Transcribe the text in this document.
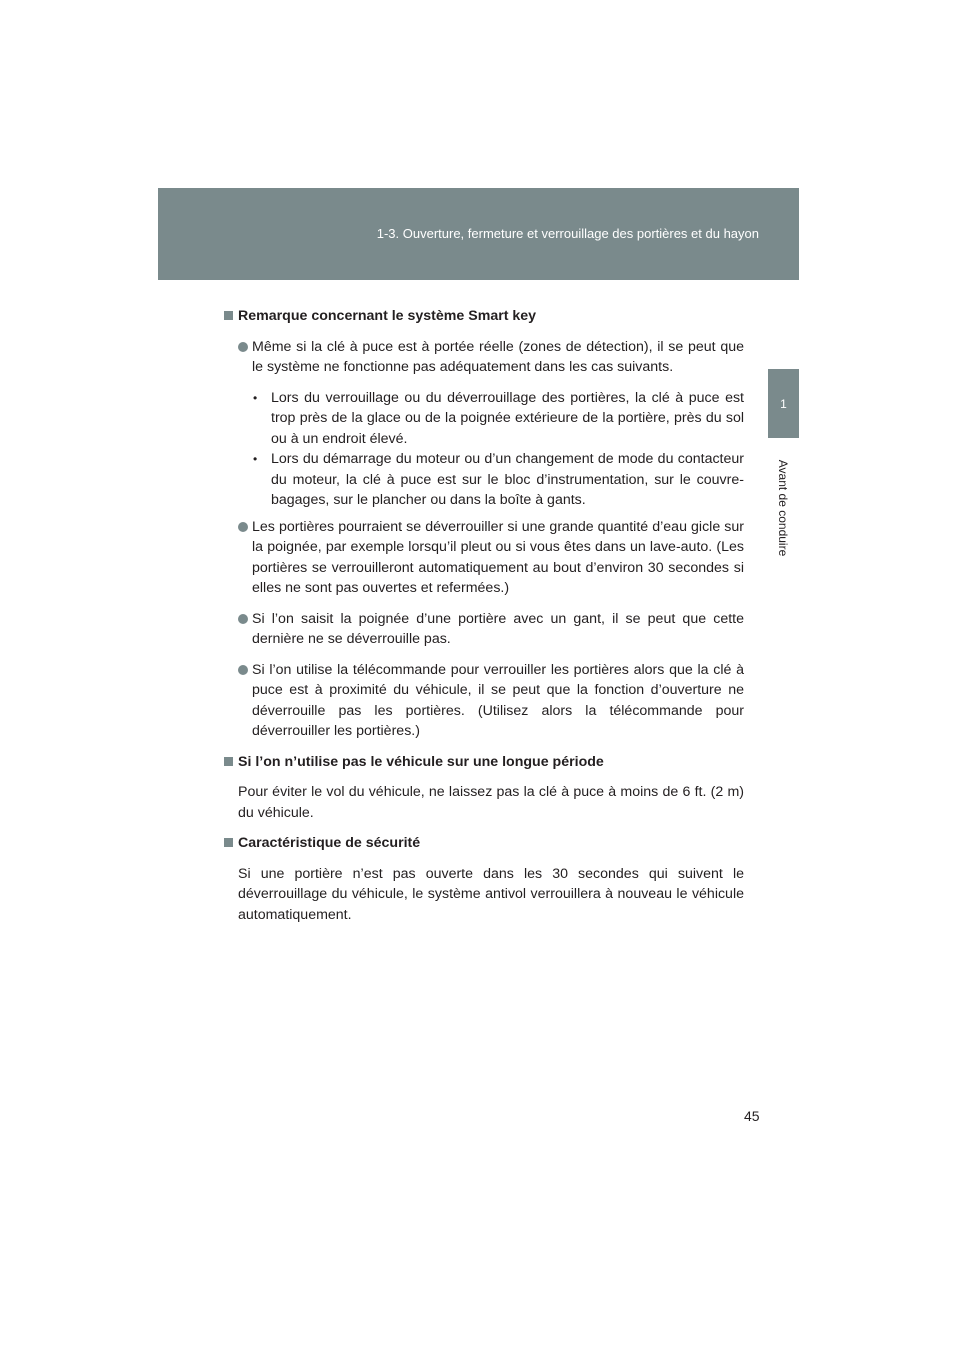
1-3. Ouverture, fermeture et verrouillage des portières et du hayon
1
Avant de conduire
Remarque concernant le système Smart key
Même si la clé à puce est à portée réelle (zones de détection), il se peut que le système ne fonctionne pas adéquatement dans les cas suivants.
• Lors du verrouillage ou du déverrouillage des portières, la clé à puce est trop près de la glace ou de la poignée extérieure de la portière, près du sol ou à un endroit élevé.
• Lors du démarrage du moteur ou d’un changement de mode du contacteur du moteur, la clé à puce est sur le bloc d’instrumentation, sur le couvre-bagages, sur le plancher ou dans la boîte à gants.
Les portières pourraient se déverrouiller si une grande quantité d’eau gicle sur la poignée, par exemple lorsqu’il pleut ou si vous êtes dans un lave-auto. (Les portières se verrouilleront automatiquement au bout d’environ 30 secondes si elles ne sont pas ouvertes et refermées.)
Si l’on saisit la poignée d’une portière avec un gant, il se peut que cette dernière ne se déverrouille pas.
Si l’on utilise la télécommande pour verrouiller les portières alors que la clé à puce est à proximité du véhicule, il se peut que la fonction d’ouverture ne déverrouille pas les portières. (Utilisez alors la télécommande pour déverrouiller les portières.)
Si l’on n’utilise pas le véhicule sur une longue période
Pour éviter le vol du véhicule, ne laissez pas la clé à puce à moins de 6 ft. (2 m) du véhicule.
Caractéristique de sécurité
Si une portière n’est pas ouverte dans les 30 secondes qui suivent le déverrouillage du véhicule, le système antivol verrouillera à nouveau le véhicule automatiquement.
45
